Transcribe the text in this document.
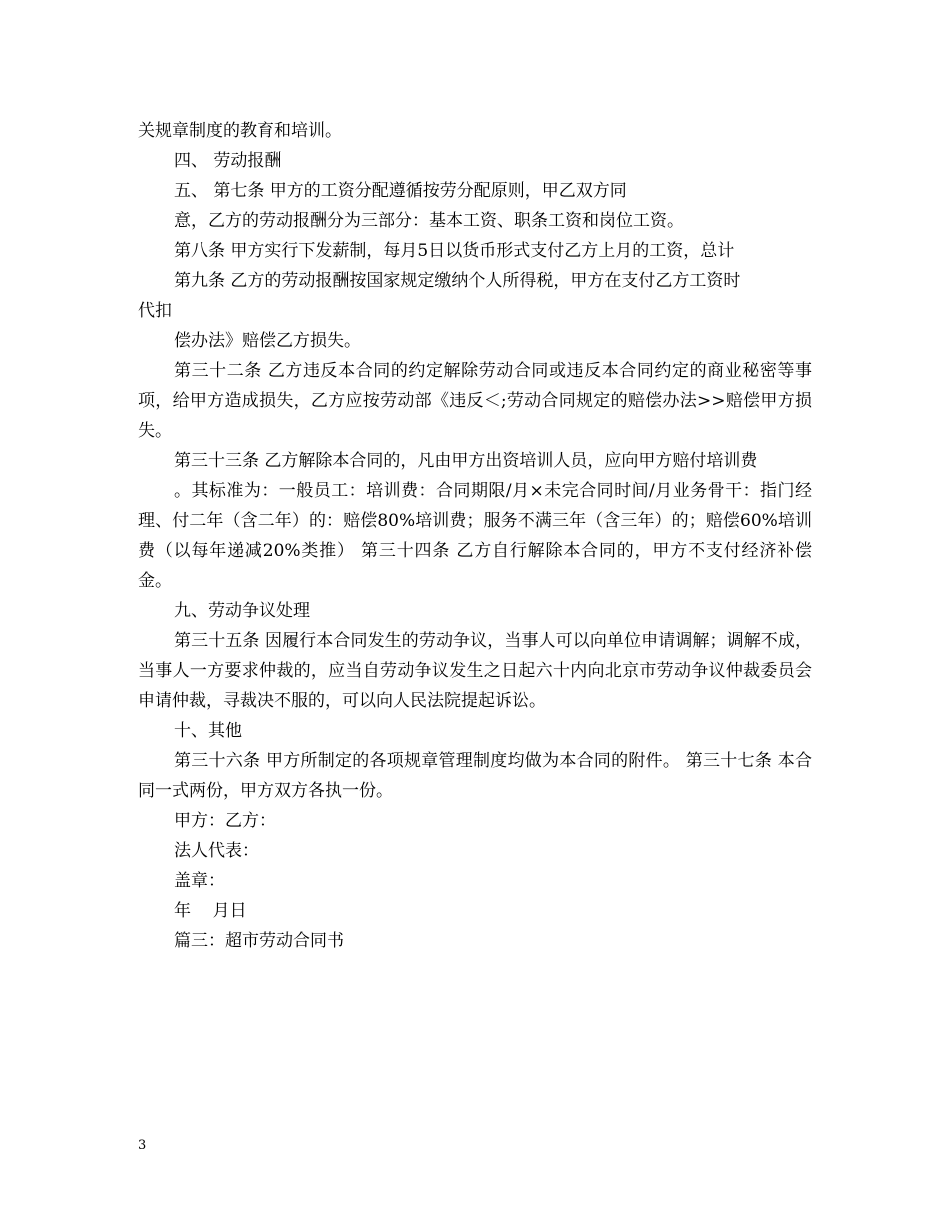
关规章制度的教育和培训。

四、 劳动报酬

五、 第七条 甲方的工资分配遵循按劳分配原则，甲乙双方同

意，乙方的劳动报酬分为三部分：基本工资、职条工资和岗位工资。

第八条 甲方实行下发薪制，每月5日以货币形式支付乙方上月的工资，总计

第九条 乙方的劳动报酬按国家规定缴纳个人所得税，甲方在支付乙方工资时

代扣

偿办法》赔偿乙方损失。

第三十二条 乙方违反本合同的约定解除劳动合同或违反本合同约定的商业秘密等事项，给甲方造成损失，乙方应按劳动部《违反＜;劳动合同规定的赔偿办法>>赔偿甲方损失。

第三十三条 乙方解除本合同的，凡由甲方出资培训人员，应向甲方赔付培训费

。其标准为：一般员工：培训费：合同期限/月×未完合同时间/月业务骨干：指门经理、付二年（含二年）的：赔偿80%培训费；服务不满三年（含三年）的；赔偿60%培训费（以每年递减20%类推） 第三十四条 乙方自行解除本合同的，甲方不支付经济补偿金。

九、劳动争议处理

第三十五条 因履行本合同发生的劳动争议，当事人可以向单位申请调解；调解不成，当事人一方要求仲裁的，应当自劳动争议发生之日起六十内向北京市劳动争议仲裁委员会申请仲裁，寻裁决不服的，可以向人民法院提起诉讼。

十、其他

第三十六条 甲方所制定的各项规章管理制度均做为本合同的附件。 第三十七条 本合同一式两份，甲方双方各执一份。

甲方：乙方：

法人代表：

盖章：

年    月日

篇三：超市劳动合同书

3
